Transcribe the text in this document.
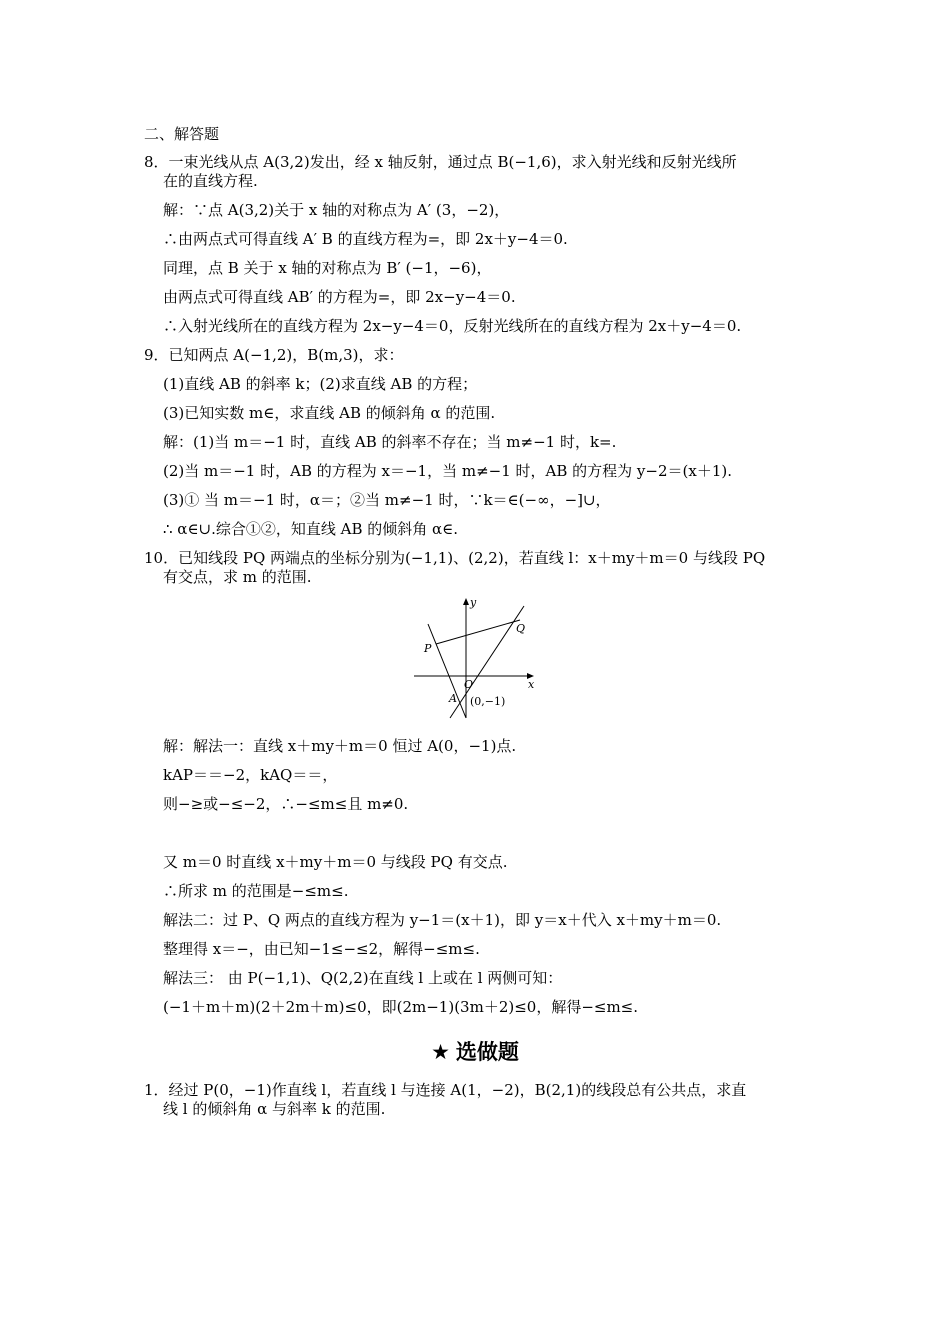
二、解答题
8．一束光线从点 A(3,2)发出，经 x 轴反射，通过点 B(−1,6)，求入射光线和反射光线所
在的直线方程.
解：∵点 A(3,2)关于 x 轴的对称点为 A′ (3，−2)，
∴由两点式可得直线 A′ B 的直线方程为=，即 2x＋y−4＝0.
同理，点 B 关于 x 轴的对称点为 B′ (−1，−6)，
由两点式可得直线 AB′ 的方程为=，即 2x−y−4＝0.
∴入射光线所在的直线方程为 2x−y−4＝0，反射光线所在的直线方程为 2x＋y−4＝0.
9．已知两点 A(−1,2)，B(m,3)，求：
(1)直线 AB 的斜率 k；(2)求直线 AB 的方程；
(3)已知实数 m∈，求直线 AB 的倾斜角 α 的范围.
解：(1)当 m＝−1 时，直线 AB 的斜率不存在；当 m≠−1 时，k=.
(2)当 m＝−1 时，AB 的方程为 x＝−1，当 m≠−1 时，AB 的方程为 y−2＝(x＋1).
(3)① 当 m＝−1 时，α＝；②当 m≠−1 时，∵k＝∈(−∞，−]∪，
∴ α∈∪.综合①②，知直线 AB 的倾斜角 α∈.
10．已知线段 PQ 两端点的坐标分别为(−1,1)、(2,2)，若直线 l：x＋my＋m＝0 与线段 PQ
有交点，求 m 的范围.
y
x
P
Q
O
A (0,−1)
解：解法一：直线 x＋my＋m＝0 恒过 A(0，−1)点.
kAP＝＝−2，kAQ＝＝，
则−≥或−≤−2，∴−≤m≤且 m≠0.
又 m＝0 时直线 x＋my＋m＝0 与线段 PQ 有交点.
∴所求 m 的范围是−≤m≤.
解法二：过 P、Q 两点的直线方程为 y−1＝(x＋1)，即 y＝x＋代入 x＋my＋m＝0.
整理得 x＝−，由已知−1≤−≤2，解得−≤m≤.
解法三： 由 P(−1,1)、Q(2,2)在直线 l 上或在 l 两侧可知：
(−1＋m＋m)(2＋2m＋m)≤0，即(2m−1)(3m＋2)≤0，解得−≤m≤.
★ 选做题
1．经过 P(0，−1)作直线 l，若直线 l 与连接 A(1，−2)，B(2,1)的线段总有公共点，求直
线 l 的倾斜角 α 与斜率 k 的范围.
